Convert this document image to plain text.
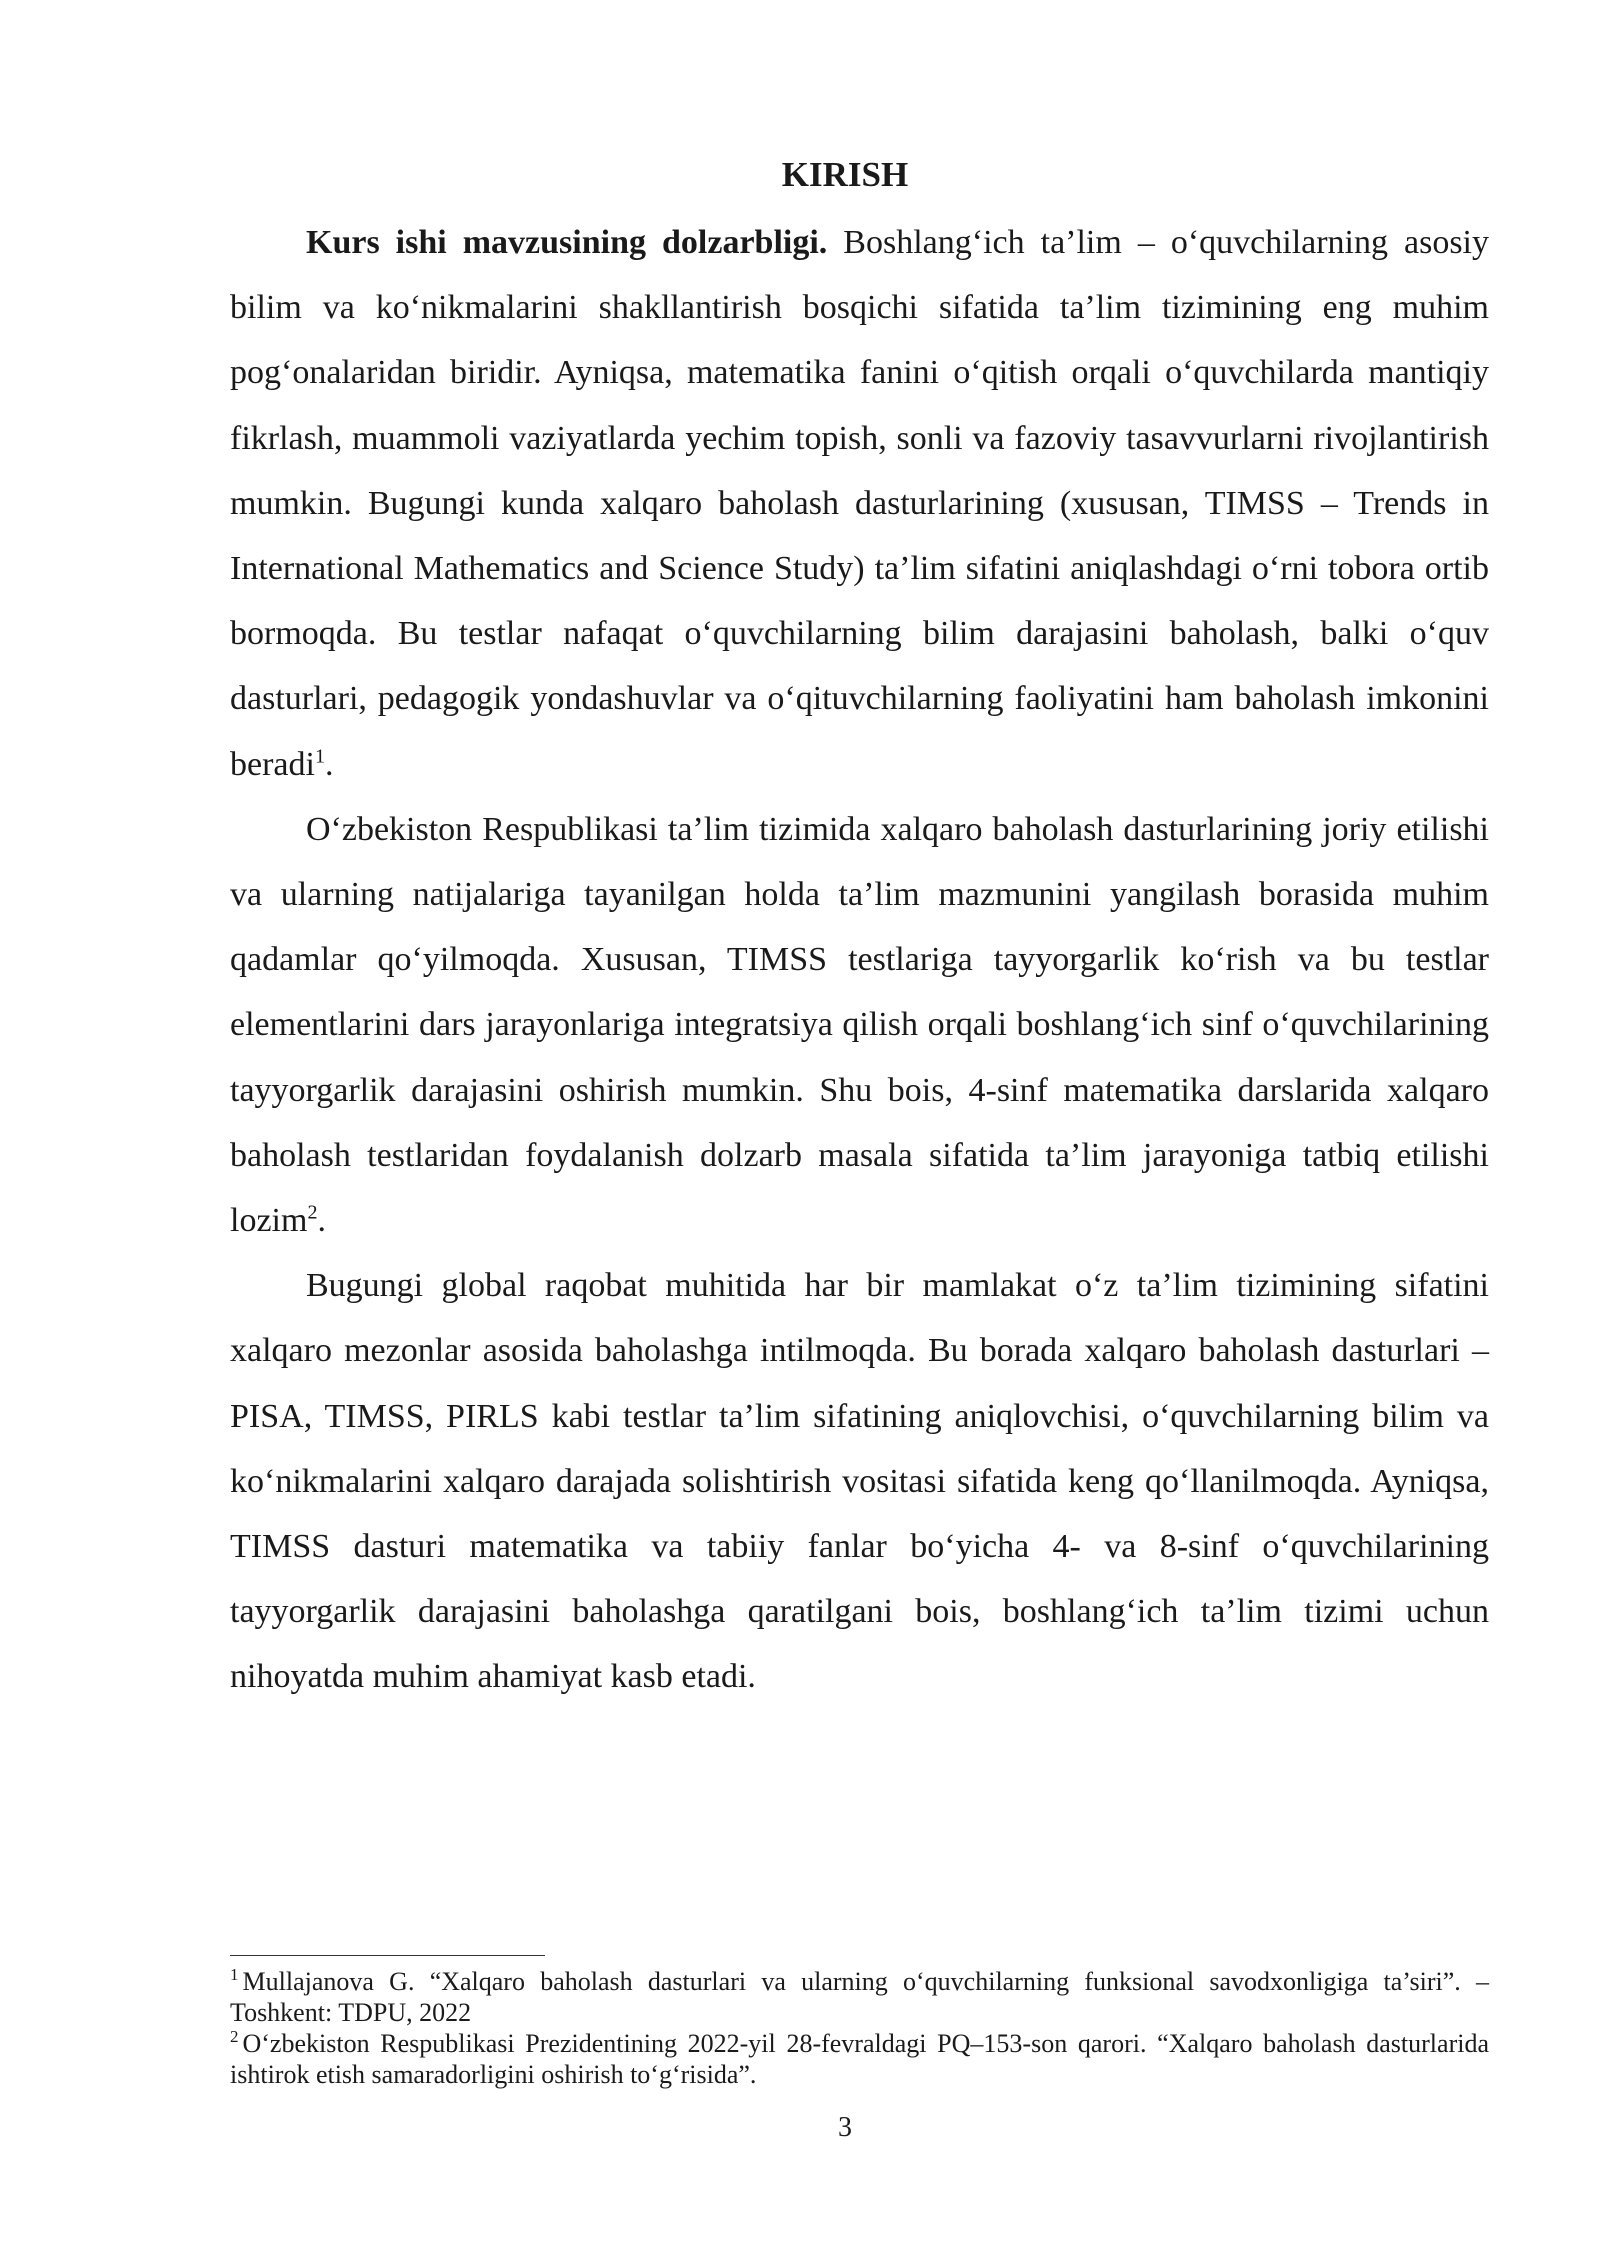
KIRISH

Kurs ishi mavzusining dolzarbligi. Boshlang‘ich ta’lim – o‘quvchilarning asosiy bilim va ko‘nikmalarini shakllantirish bosqichi sifatida ta’lim tizimining eng muhim pog‘onalaridan biridir. Ayniqsa, matematika fanini o‘qitish orqali o‘quvchilarda mantiqiy fikrlash, muammoli vaziyatlarda yechim topish, sonli va fazoviy tasavvurlarni rivojlantirish mumkin. Bugungi kunda xalqaro baholash dasturlarining (xususan, TIMSS – Trends in International Mathematics and Science Study) ta’lim sifatini aniqlashdagi o‘rni tobora ortib bormoqda. Bu testlar nafaqat o‘quvchilarning bilim darajasini baholash, balki o‘quv dasturlari, pedagogik yondashuvlar va o‘qituvchilarning faoliyatini ham baholash imkonini beradi$^1$.

O‘zbekiston Respublikasi ta’lim tizimida xalqaro baholash dasturlarining joriy etilishi va ularning natijalariga tayanilgan holda ta’lim mazmunini yangilash borasida muhim qadamlar qo‘yilmoqda. Xususan, TIMSS testlariga tayyorgarlik ko‘rish va bu testlar elementlarini dars jarayonlariga integratsiya qilish orqali boshlang‘ich sinf o‘quvchilarining tayyorgarlik darajasini oshirish mumkin. Shu bois, 4-sinf matematika darslarida xalqaro baholash testlaridan foydalanish dolzarb masala sifatida ta’lim jarayoniga tatbiq etilishi lozim$^2$.

Bugungi global raqobat muhitida har bir mamlakat o‘z ta’lim tizimining sifatini xalqaro mezonlar asosida baholashga intilmoqda. Bu borada xalqaro baholash dasturlari – PISA, TIMSS, PIRLS kabi testlar ta’lim sifatining aniqlovchisi, o‘quvchilarning bilim va ko‘nikmalarini xalqaro darajada solishtirish vositasi sifatida keng qo‘llanilmoqda. Ayniqsa, TIMSS dasturi matematika va tabiiy fanlar bo‘yicha 4- va 8-sinf o‘quvchilarining tayyorgarlik darajasini baholashga qaratilgani bois, boshlang‘ich ta’lim tizimi uchun nihoyatda muhim ahamiyat kasb etadi.

$^1$ Mullajanova G. “Xalqaro baholash dasturlari va ularning o‘quvchilarning funksional savodxonligiga ta’siri”. – Toshkent: TDPU, 2022

$^2$ O‘zbekiston Respublikasi Prezidentining 2022-yil 28-fevraldagi PQ–153-son qarori. “Xalqaro baholash dasturlarida ishtirok etish samaradorligini oshirish to‘g‘risida”.

3
